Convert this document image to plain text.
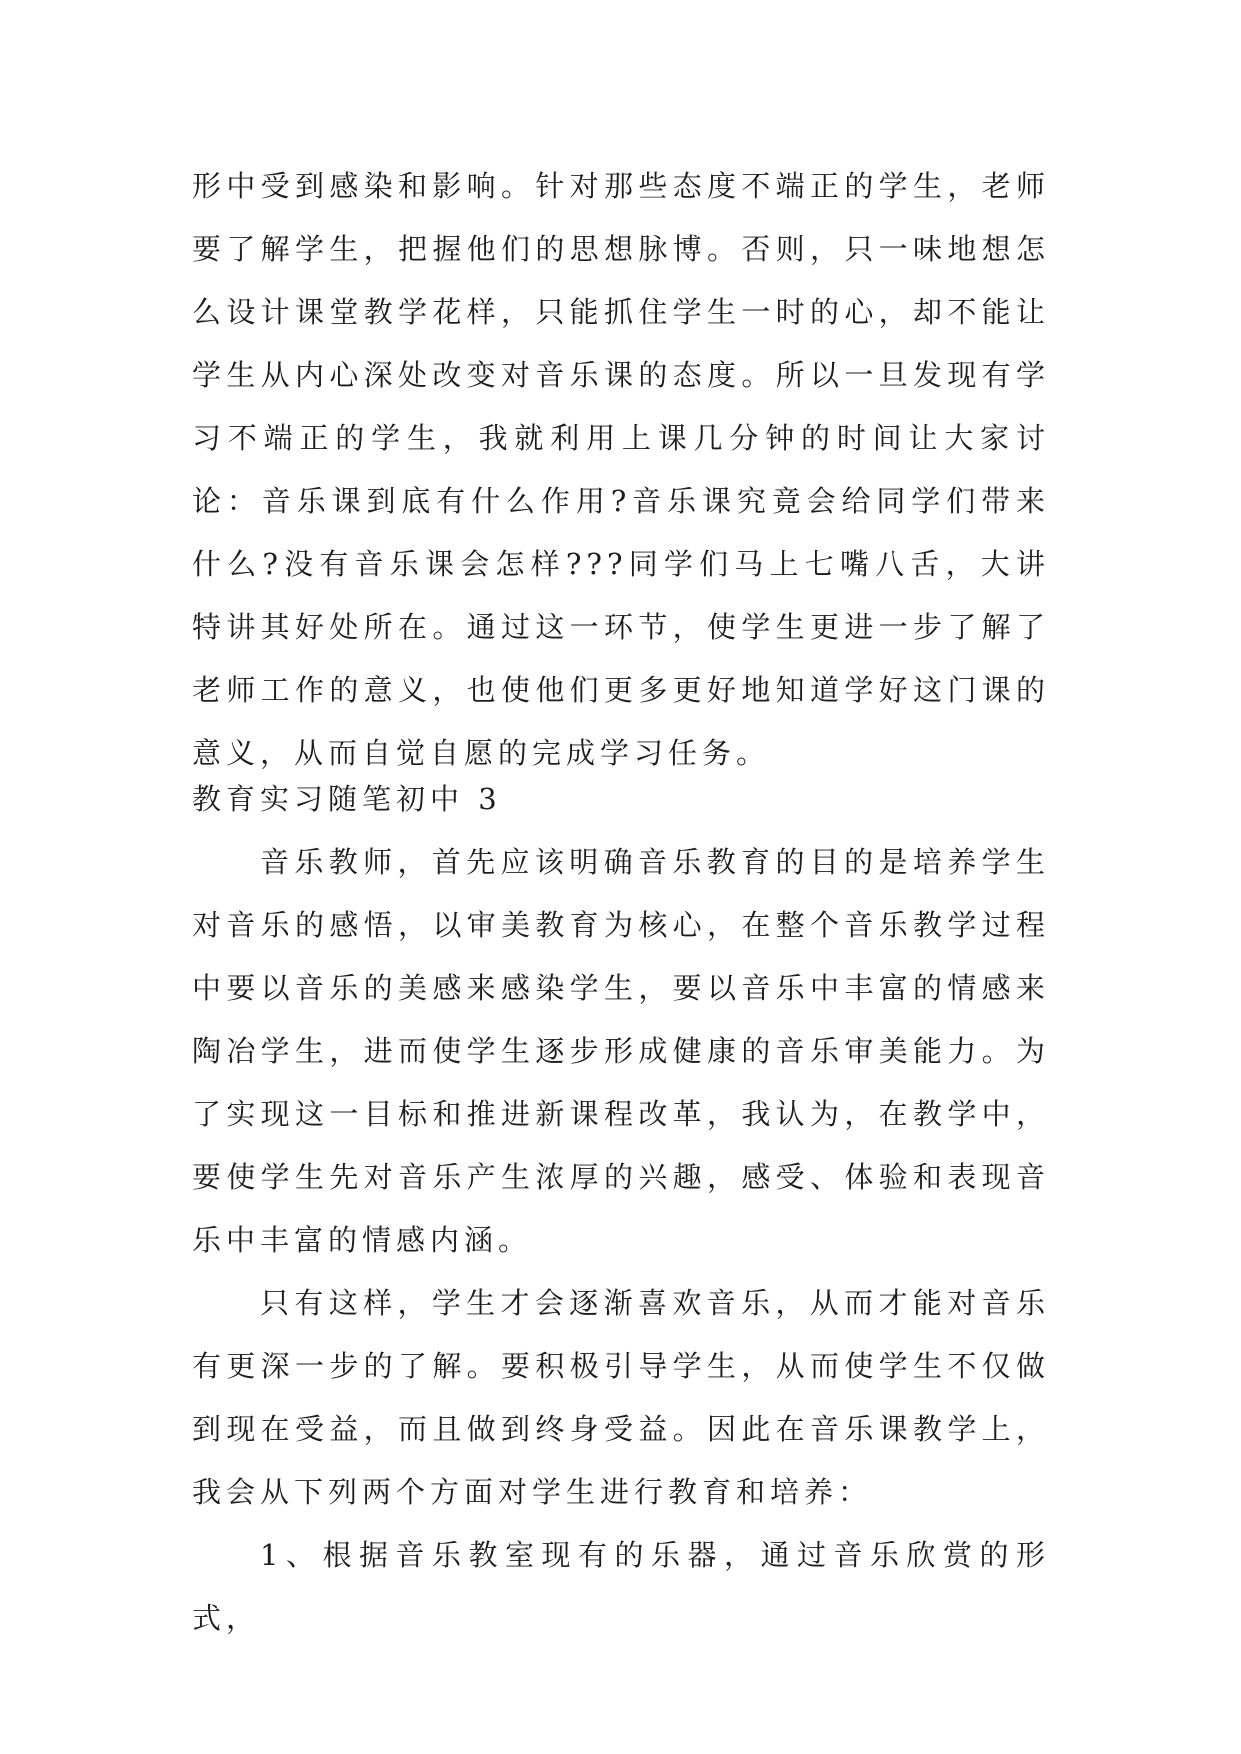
形中受到感染和影响。针对那些态度不端正的学生，老师要了解学生，把握他们的思想脉博。否则，只一味地想怎么设计课堂教学花样，只能抓住学生一时的心，却不能让学生从内心深处改变对音乐课的态度。所以一旦发现有学习不端正的学生，我就利用上课几分钟的时间让大家讨论：音乐课到底有什么作用?音乐课究竟会给同学们带来什么?没有音乐课会怎样???同学们马上七嘴八舌，大讲特讲其好处所在。通过这一环节，使学生更进一步了解了老师工作的意义，也使他们更多更好地知道学好这门课的意义，从而自觉自愿的完成学习任务。

教育实习随笔初中 3

音乐教师，首先应该明确音乐教育的目的是培养学生对音乐的感悟，以审美教育为核心，在整个音乐教学过程中要以音乐的美感来感染学生，要以音乐中丰富的情感来陶冶学生，进而使学生逐步形成健康的音乐审美能力。为了实现这一目标和推进新课程改革，我认为，在教学中，要使学生先对音乐产生浓厚的兴趣，感受、体验和表现音乐中丰富的情感内涵。

只有这样，学生才会逐渐喜欢音乐，从而才能对音乐有更深一步的了解。要积极引导学生，从而使学生不仅做到现在受益，而且做到终身受益。因此在音乐课教学上，我会从下列两个方面对学生进行教育和培养：

1、根据音乐教室现有的乐器，通过音乐欣赏的形式，
